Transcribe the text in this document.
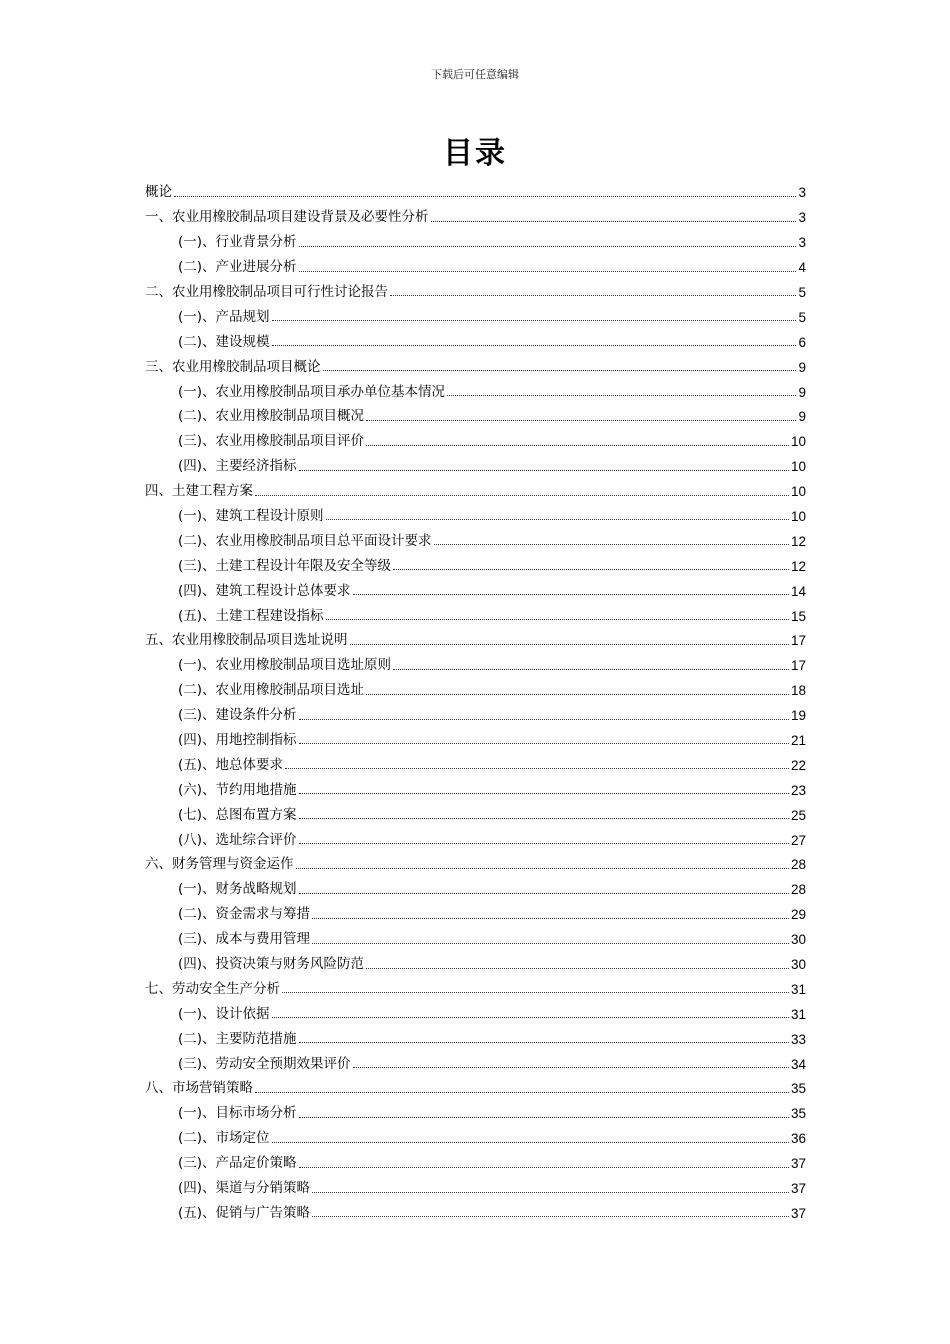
下载后可任意编辑
目录
概论	3
一、农业用橡胶制品项目建设背景及必要性分析	3
(一)、行业背景分析	3
(二)、产业进展分析	4
二、农业用橡胶制品项目可行性讨论报告	5
(一)、产品规划	5
(二)、建设规模	6
三、农业用橡胶制品项目概论	9
(一)、农业用橡胶制品项目承办单位基本情况	9
(二)、农业用橡胶制品项目概况	9
(三)、农业用橡胶制品项目评价	10
(四)、主要经济指标	10
四、土建工程方案	10
(一)、建筑工程设计原则	10
(二)、农业用橡胶制品项目总平面设计要求	12
(三)、土建工程设计年限及安全等级	12
(四)、建筑工程设计总体要求	14
(五)、土建工程建设指标	15
五、农业用橡胶制品项目选址说明	17
(一)、农业用橡胶制品项目选址原则	17
(二)、农业用橡胶制品项目选址	18
(三)、建设条件分析	19
(四)、用地控制指标	21
(五)、地总体要求	22
(六)、节约用地措施	23
(七)、总图布置方案	25
(八)、选址综合评价	27
六、财务管理与资金运作	28
(一)、财务战略规划	28
(二)、资金需求与筹措	29
(三)、成本与费用管理	30
(四)、投资决策与财务风险防范	30
七、劳动安全生产分析	31
(一)、设计依据	31
(二)、主要防范措施	33
(三)、劳动安全预期效果评价	34
八、市场营销策略	35
(一)、目标市场分析	35
(二)、市场定位	36
(三)、产品定价策略	37
(四)、渠道与分销策略	37
(五)、促销与广告策略	37
